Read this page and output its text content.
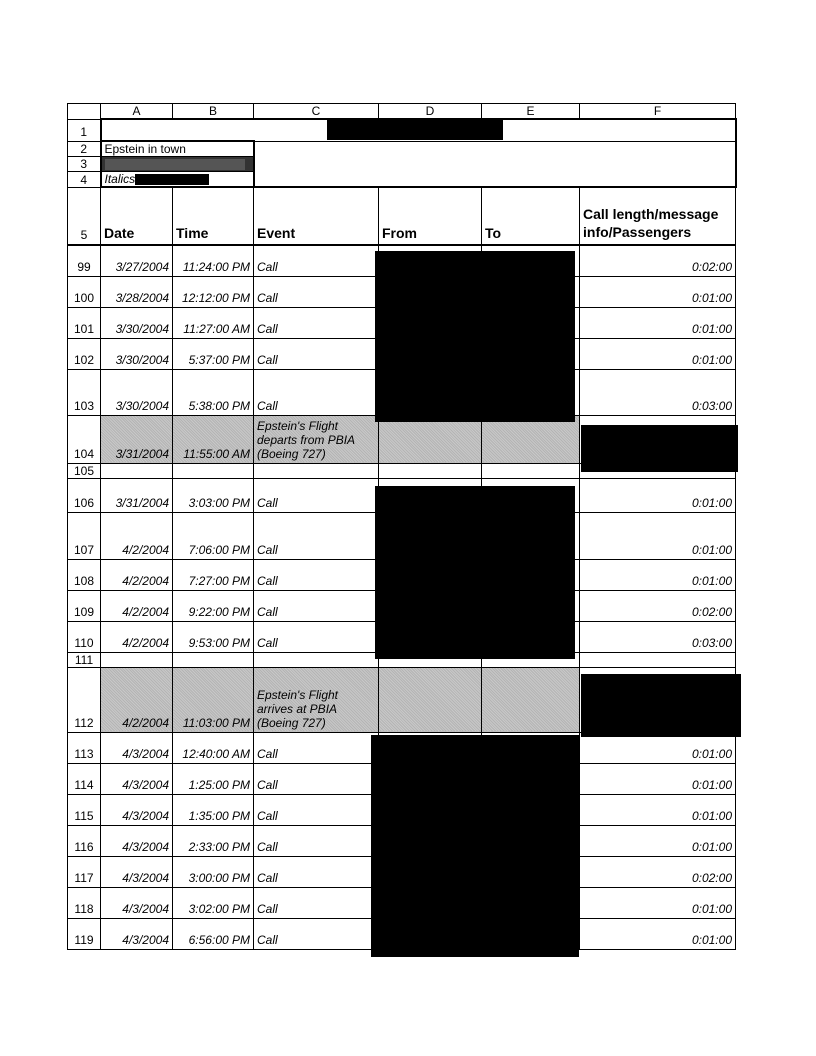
	A	B	C	D	E	F
1						
2	Epstein in town					
3						
4	Italics					
5	Date	Time	Event	From	To	Call length/message info/Passengers
99	3/27/2004	11:24:00 PM	Call			0:02:00
100	3/28/2004	12:12:00 PM	Call			0:01:00
101	3/30/2004	11:27:00 AM	Call			0:01:00
102	3/30/2004	5:37:00 PM	Call			0:01:00
103	3/30/2004	5:38:00 PM	Call			0:03:00
104	3/31/2004	11:55:00 AM	Epstein's Flight departs from PBIA (Boeing 727)			
105						
106	3/31/2004	3:03:00 PM	Call			0:01:00
107	4/2/2004	7:06:00 PM	Call			0:01:00
108	4/2/2004	7:27:00 PM	Call			0:01:00
109	4/2/2004	9:22:00 PM	Call			0:02:00
110	4/2/2004	9:53:00 PM	Call			0:03:00
111						
112	4/2/2004	11:03:00 PM	Epstein's Flight arrives at PBIA (Boeing 727)			
113	4/3/2004	12:40:00 AM	Call			0:01:00
114	4/3/2004	1:25:00 PM	Call			0:01:00
115	4/3/2004	1:35:00 PM	Call			0:01:00
116	4/3/2004	2:33:00 PM	Call			0:01:00
117	4/3/2004	3:00:00 PM	Call			0:02:00
118	4/3/2004	3:02:00 PM	Call			0:01:00
119	4/3/2004	6:56:00 PM	Call			0:01:00
